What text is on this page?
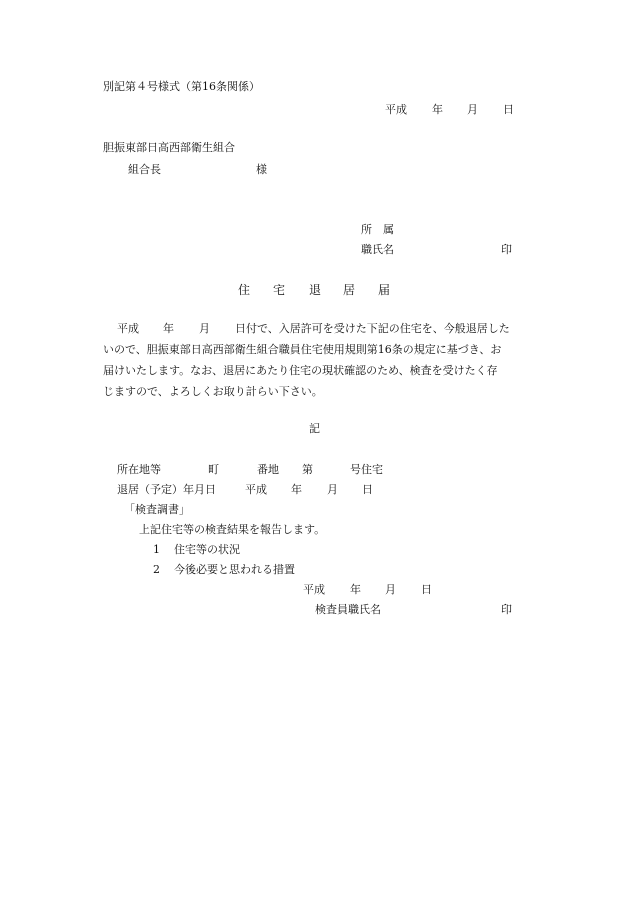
別記第４号様式（第16条関係）
平成 年 月 日
胆振東部日高西部衛生組合
組合長	様
所　属
職氏名	印
住 宅 退 居 届
平成 年 月 日付で、入居許可を受けた下記の住宅を、今般退居した
いので、胆振東部日高西部衛生組合職員住宅使用規則第16条の規定に基づき、お
届けいたします。なお、退居にあたり住宅の現状確認のため、検査を受けたく存
じますので、よろしくお取り計らい下さい。
記
所在地等	町	番地 第	号住宅
退居（予定）年月日	平成 年 月 日
「検査調書」
上記住宅等の検査結果を報告します。
1 住宅等の状況
2 今後必要と思われる措置
平成 年 月 日
検査員職氏名	印
